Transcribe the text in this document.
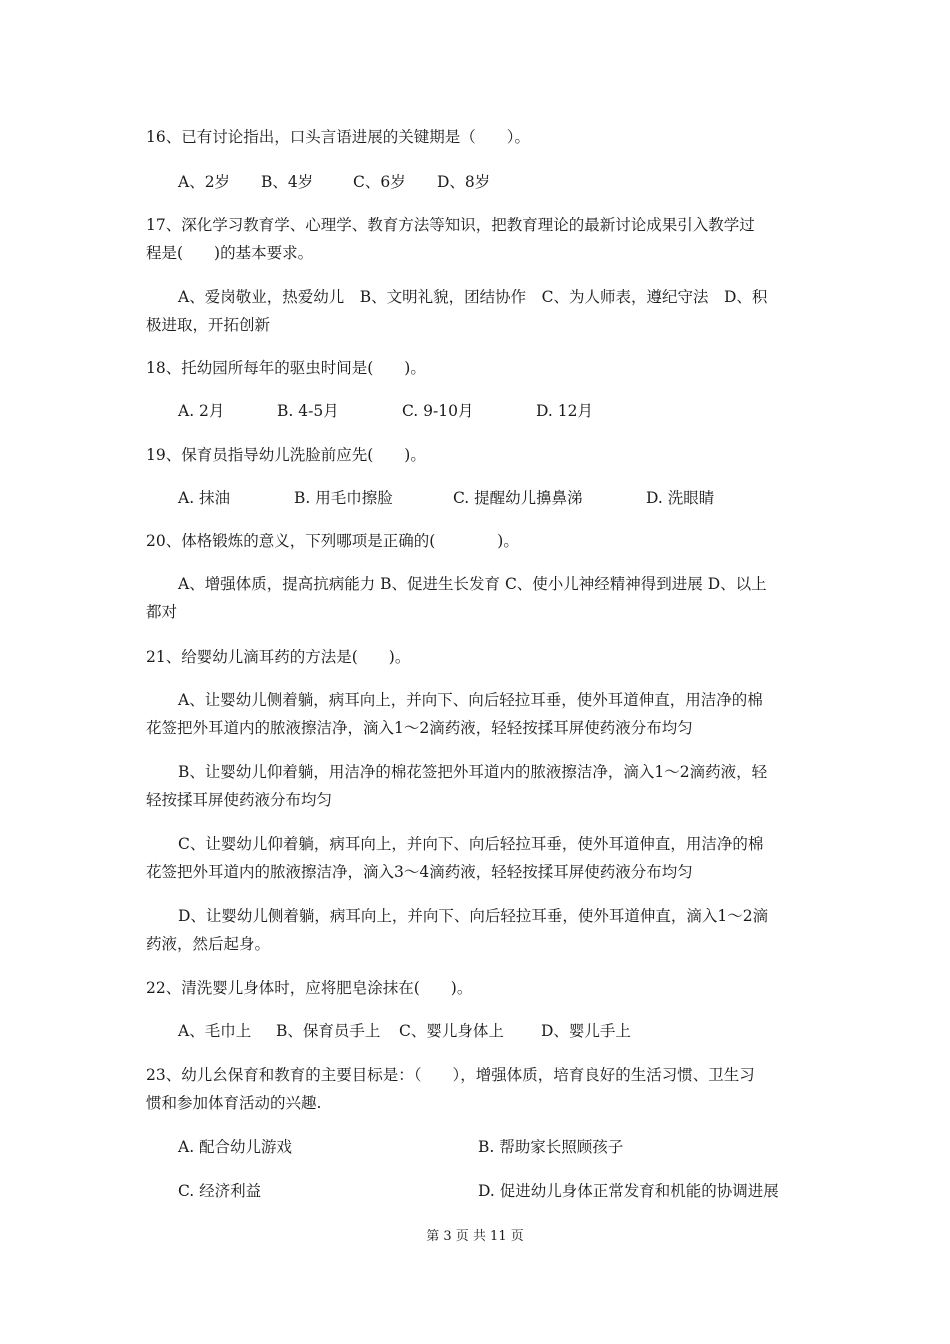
16、已有讨论指出，口头言语进展的关键期是（　　）。
A、2岁 B、4岁	C、6岁 D、8岁
17、深化学习教育学、心理学、教育方法等知识，把教育理论的最新讨论成果引入教学过
程是(　　)的基本要求。
A、爱岗敬业，热爱幼儿　B、文明礼貌，团结协作　C、为人师表，遵纪守法　D、积
极进取，开拓创新
18、托幼园所每年的驱虫时间是(　　)。
A. 2月	B. 4-5月	C. 9-10月	D. 12月
19、保育员指导幼儿洗脸前应先(　　)。
A. 抹油	B. 用毛巾擦脸	C. 提醒幼儿擤鼻涕	D. 洗眼睛
20、体格锻炼的意义，下列哪项是正确的(　　　　)。
A、增强体质，提高抗病能力 B、促进生长发育 C、使小儿神经精神得到进展 D、以上
都对
21、给婴幼儿滴耳药的方法是(　　)。
A、让婴幼儿侧着躺，病耳向上，并向下、向后轻拉耳垂，使外耳道伸直，用洁净的棉
花签把外耳道内的脓液擦洁净，滴入1～2滴药液，轻轻按揉耳屏使药液分布均匀
B、让婴幼儿仰着躺，用洁净的棉花签把外耳道内的脓液擦洁净，滴入1～2滴药液，轻
轻按揉耳屏使药液分布均匀
C、让婴幼儿仰着躺，病耳向上，并向下、向后轻拉耳垂，使外耳道伸直，用洁净的棉
花签把外耳道内的脓液擦洁净，滴入3～4滴药液，轻轻按揉耳屏使药液分布均匀
D、让婴幼儿侧着躺，病耳向上，并向下、向后轻拉耳垂，使外耳道伸直，滴入1～2滴
药液，然后起身。
22、清洗婴儿身体时，应将肥皂涂抹在(　　)。
A、毛巾上 B、保育员手上 C、婴儿身体上 D、婴儿手上
23、幼儿㕕保育和教育的主要目标是：（　　），增强体质，培育良好的生活习惯、卫生习
惯和参加体育活动的兴趣.
A. 配合幼儿游戏	B. 帮助家长照顾孩子
C. 经济利益	D. 促进幼儿身体正常发育和机能的协调进展
第 3 页 共 11 页
